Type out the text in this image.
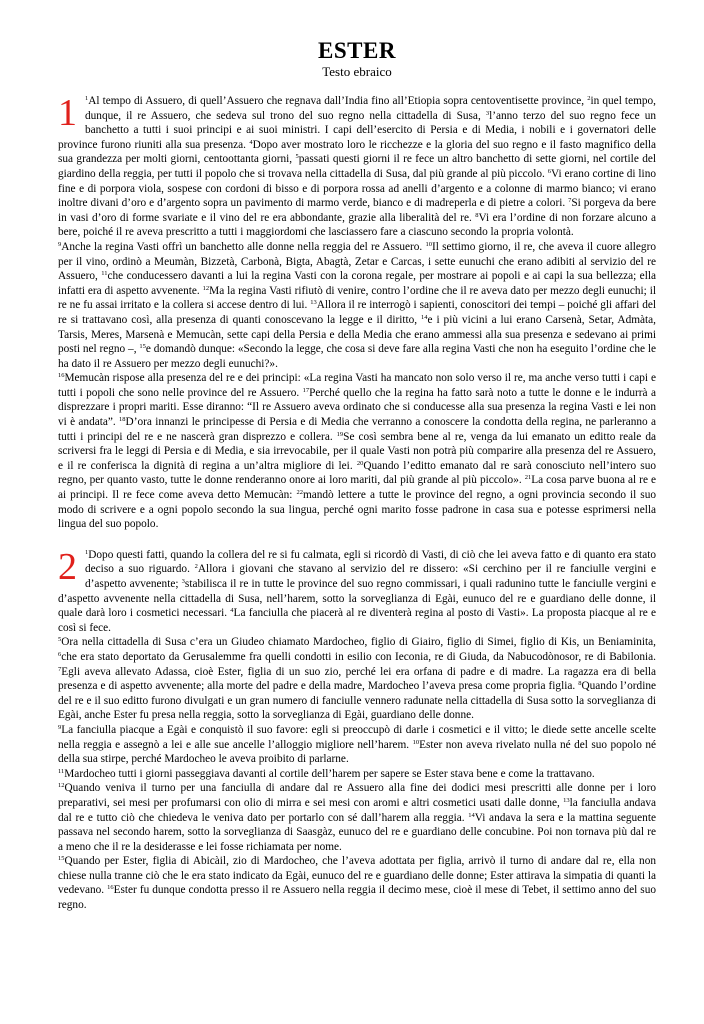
ESTER
Testo ebraico
1	$^1$Al tempo di Assuero, di quell’Assuero che regnava dall’India fino all’Etiopia sopra centoventisette province, $^2$in quel tempo, dunque, il re Assuero, che sedeva sul trono del suo regno nella cittadella di Susa, $^3$l’anno terzo del suo regno fece un banchetto a tutti i suoi principi e ai suoi ministri. I capi dell’esercito di Persia e di Media, i nobili e i governatori delle province furono riuniti alla sua presenza. $^4$Dopo aver mostrato loro le ricchezze e la gloria del suo regno e il fasto magnifico della sua grandezza per molti giorni, centoottanta giorni, $^5$passati questi giorni il re fece un altro banchetto di sette giorni, nel cortile del giardino della reggia, per tutti il popolo che si trovava nella cittadella di Susa, dal più grande al più piccolo. $^6$Vi erano cortine di lino fine e di porpora viola, sospese con cordoni di bisso e di porpora rossa ad anelli d’argento e a colonne di marmo bianco; vi erano inoltre divani d’oro e d’argento sopra un pavimento di marmo verde, bianco e di madreperla e di pietre a colori. $^7$Si porgeva da bere in vasi d’oro di forme svariate e il vino del re era abbondante, grazie alla liberalità del re. $^8$Vi era l’ordine di non forzare alcuno a bere, poiché il re aveva prescritto a tutti i maggiordomi che lasciassero fare a ciascuno secondo la propria volontà.

$^9$Anche la regina Vasti offrì un banchetto alle donne nella reggia del re Assuero. $^{10}$Il settimo giorno, il re, che aveva il cuore allegro per il vino, ordinò a Meumàn, Bizzetà, Carbonà, Bigta, Abagtà, Zetar e Carcas, i sette eunuchi che erano adibiti al servizio del re Assuero, $^{11}$che conducessero davanti a lui la regina Vasti con la corona regale, per mostrare ai popoli e ai capi la sua bellezza; ella infatti era di aspetto avvenente. $^{12}$Ma la regina Vasti rifiutò di venire, contro l’ordine che il re aveva dato per mezzo degli eunuchi; il re ne fu assai irritato e la collera si accese dentro di lui. $^{13}$Allora il re interrogò i sapienti, conoscitori dei tempi – poiché gli affari del re si trattavano così, alla presenza di quanti conoscevano la legge e il diritto, $^{14}$e i più vicini a lui erano Carsenà, Setar, Admàta, Tarsis, Meres, Marsenà e Memucàn, sette capi della Persia e della Media che erano ammessi alla sua presenza e sedevano ai primi posti nel regno –, $^{15}$e domandò dunque: «Secondo la legge, che cosa si deve fare alla regina Vasti che non ha eseguito l’ordine che le ha dato il re Assuero per mezzo degli eunuchi?».

$^{16}$Memucàn rispose alla presenza del re e dei principi: «La regina Vasti ha mancato non solo verso il re, ma anche verso tutti i capi e tutti i popoli che sono nelle province del re Assuero. $^{17}$Perché quello che la regina ha fatto sarà noto a tutte le donne e le indurrà a disprezzare i propri mariti. Esse diranno: “Il re Assuero aveva ordinato che si conducesse alla sua presenza la regina Vasti e lei non vi è andata”. $^{18}$D’ora innanzi le principesse di Persia e di Media che verranno a conoscere la condotta della regina, ne parleranno a tutti i principi del re e ne nascerà gran disprezzo e collera. $^{19}$Se così sembra bene al re, venga da lui emanato un editto reale da scriversi fra le leggi di Persia e di Media, e sia irrevocabile, per il quale Vasti non potrà più comparire alla presenza del re Assuero, e il re conferisca la dignità di regina a un’altra migliore di lei. $^{20}$Quando l’editto emanato dal re sarà conosciuto nell’intero suo regno, per quanto vasto, tutte le donne renderanno onore ai loro mariti, dal più grande al più piccolo». $^{21}$La cosa parve buona al re e ai principi. Il re fece come aveva detto Memucàn: $^{22}$mandò lettere a tutte le province del regno, a ogni provincia secondo il suo modo di scrivere e a ogni popolo secondo la sua lingua, perché ogni marito fosse padrone in casa sua e potesse esprimersi nella lingua del suo popolo.

2	$^1$Dopo questi fatti, quando la collera del re si fu calmata, egli si ricordò di Vasti, di ciò che lei aveva fatto e di quanto era stato deciso a suo riguardo. $^2$Allora i giovani che stavano al servizio del re dissero: «Si cerchino per il re fanciulle vergini e d’aspetto avvenente; $^3$stabilisca il re in tutte le province del suo regno commissari, i quali radunino tutte le fanciulle vergini e d’aspetto avvenente nella cittadella di Susa, nell’harem, sotto la sorveglianza di Egài, eunuco del re e guardiano delle donne, il quale darà loro i cosmetici necessari. $^4$La fanciulla che piacerà al re diventerà regina al posto di Vasti». La proposta piacque al re e così si fece.

$^5$Ora nella cittadella di Susa c’era un Giudeo chiamato Mardocheo, figlio di Giairo, figlio di Simei, figlio di Kis, un Beniaminita, $^6$che era stato deportato da Gerusalemme fra quelli condotti in esilio con Ieconia, re di Giuda, da Nabucodònosor, re di Babilonia. $^7$Egli aveva allevato Adassa, cioè Ester, figlia di un suo zio, perché lei era orfana di padre e di madre. La ragazza era di bella presenza e di aspetto avvenente; alla morte del padre e della madre, Mardocheo l’aveva presa come propria figlia. $^8$Quando l’ordine del re e il suo editto furono divulgati e un gran numero di fanciulle vennero radunate nella cittadella di Susa sotto la sorveglianza di Egài, anche Ester fu presa nella reggia, sotto la sorveglianza di Egài, guardiano delle donne.

$^9$La fanciulla piacque a Egài e conquistò il suo favore: egli si preoccupò di darle i cosmetici e il vitto; le diede sette ancelle scelte nella reggia e assegnò a lei e alle sue ancelle l’alloggio migliore nell’harem. $^{10}$Ester non aveva rivelato nulla né del suo popolo né della sua stirpe, perché Mardocheo le aveva proibito di parlarne.

$^{11}$Mardocheo tutti i giorni passeggiava davanti al cortile dell’harem per sapere se Ester stava bene e come la trattavano.

$^{12}$Quando veniva il turno per una fanciulla di andare dal re Assuero alla fine dei dodici mesi prescritti alle donne per i loro preparativi, sei mesi per profumarsi con olio di mirra e sei mesi con aromi e altri cosmetici usati dalle donne, $^{13}$la fanciulla andava dal re e tutto ciò che chiedeva le veniva dato per portarlo con sé dall’harem alla reggia. $^{14}$Vi andava la sera e la mattina seguente passava nel secondo harem, sotto la sorveglianza di Saasgàz, eunuco del re e guardiano delle concubine. Poi non tornava più dal re a meno che il re la desiderasse e lei fosse richiamata per nome.

$^{15}$Quando per Ester, figlia di Abicàil, zio di Mardocheo, che l’aveva adottata per figlia, arrivò il turno di andare dal re, ella non chiese nulla tranne ciò che le era stato indicato da Egài, eunuco del re e guardiano delle donne; Ester attirava la simpatia di quanti la vedevano. $^{16}$Ester fu dunque condotta presso il re Assuero nella reggia il decimo mese, cioè il mese di Tebet, il settimo anno del suo regno.
